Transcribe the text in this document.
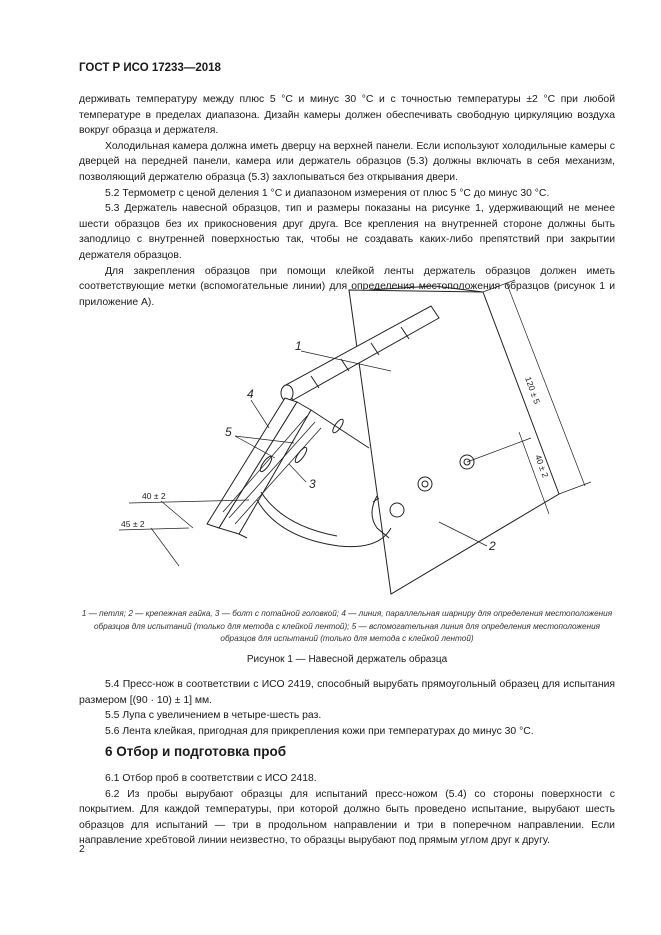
ГОСТ Р ИСО 17233—2018

держивать температуру между плюс 5 °C и минус 30 °C и с точностью температуры ±2 °C при любой температуре в пределах диапазона. Дизайн камеры должен обеспечивать свободную циркуляцию воздуха вокруг образца и держателя.

Холодильная камера должна иметь дверцу на верхней панели. Если используют холодильные камеры с дверцей на передней панели, камера или держатель образцов (5.3) должны включать в себя механизм, позволяющий держателю образца (5.3) захлопываться без открывания двери.

5.2 Термометр с ценой деления 1 °C и диапазоном измерения от плюс 5 °C до минус 30 °C.

5.3 Держатель навесной образцов, тип и размеры показаны на рисунке 1, удерживающий не менее шести образцов без их прикосновения друг друга. Все крепления на внутренней стороне должны быть заподлицо с внутренней поверхностью так, чтобы не создавать каких-либо препятствий при закрытии держателя образцов.

Для закрепления образцов при помощи клейкой ленты держатель образцов должен иметь соответствующие метки (вспомогательные линии) для определения местоположения образцов (рисунок 1 и приложение А).

1
2
3
4
5
120 ± 5
40 ± 2
40 ± 2
45 ± 2
1 — петля; 2 — крепежная гайка, 3 — болт с потайной головкой; 4 — линия, параллельная шарниру для определения местоположения образцов для испытаний (только для метода с клейкой лентой); 5 — вспомогательная линия для определения местоположения образцов для испытаний (только для метода с клейкой лентой)
Рисунок 1 — Навесной держатель образца

5.4 Пресс-нож в соответствии с ИСО 2419, способный вырубать прямоугольный образец для испытания размером [(90 · 10) ± 1] мм.

5.5 Лупа с увеличением в четыре-шесть раз.

5.6 Лента клейкая, пригодная для прикрепления кожи при температурах до минус 30 °C.

6 Отбор и подготовка проб

6.1 Отбор проб в соответствии с ИСО 2418.

6.2 Из пробы вырубают образцы для испытаний пресс-ножом (5.4) со стороны поверхности с покрытием. Для каждой температуры, при которой должно быть проведено испытание, вырубают шесть образцов для испытаний — три в продольном направлении и три в поперечном направлении. Если направление хребтовой линии неизвестно, то образцы вырубают под прямым углом друг к другу.

2
